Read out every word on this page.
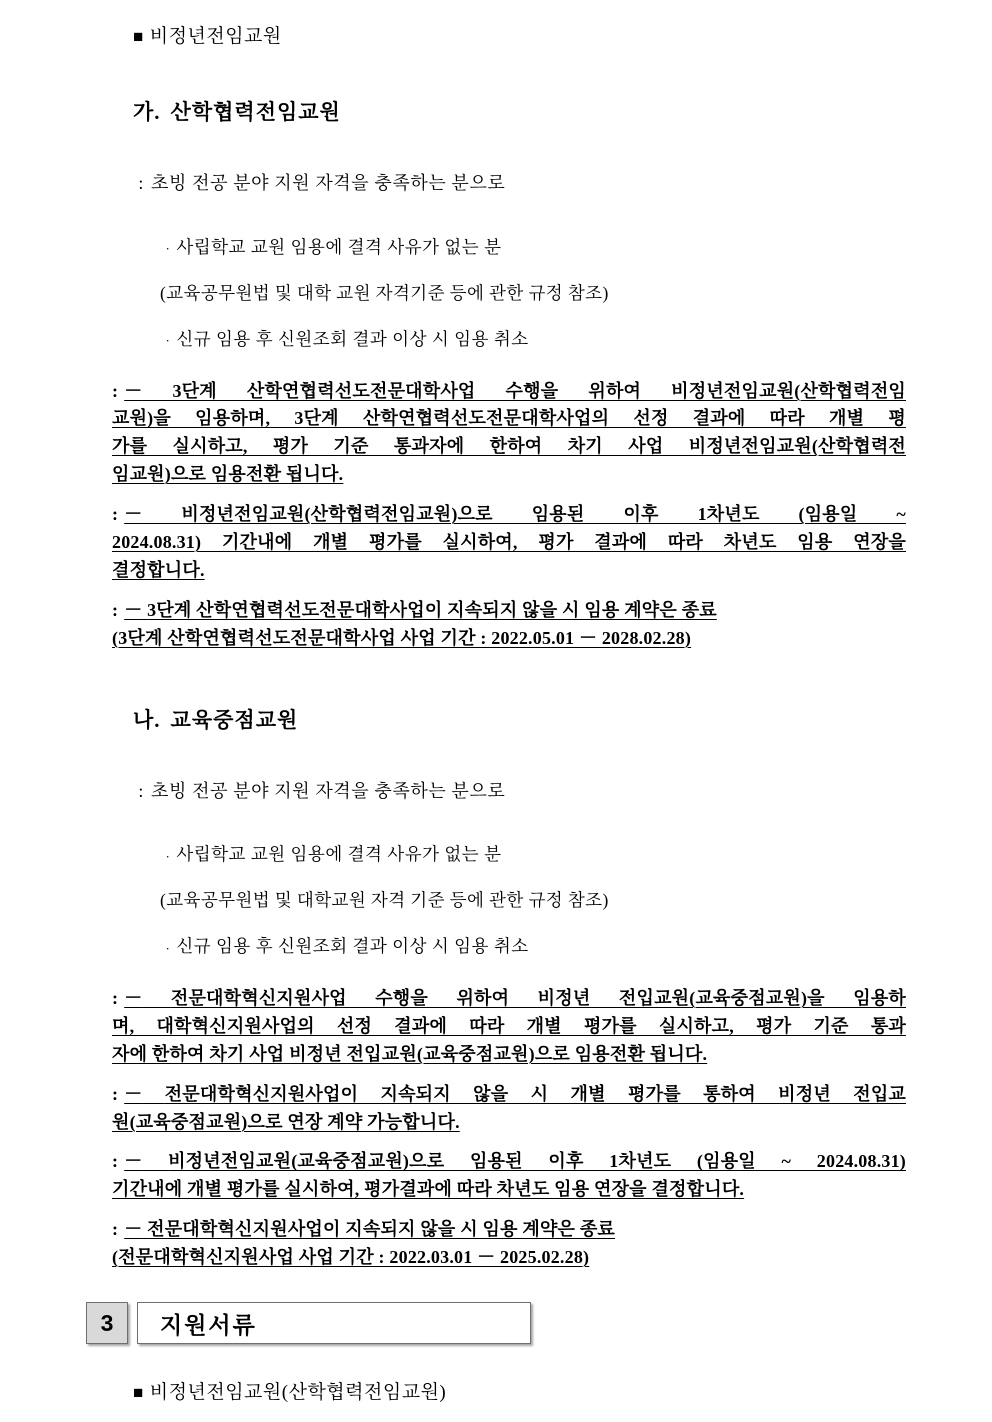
■ 비정년전임교원

가. 산학협력전임교원

: 초빙 전공 분야 지원 자격을 충족하는 분으로

· 사립학교 교원 임용에 결격 사유가 없는 분

(교육공무원법 및 대학 교원 자격기준 등에 관한 규정 참조)

· 신규 임용 후 신원조회 결과 이상 시 임용 취소

: － 3단계 산학연협력선도전문대학사업 수행을 위하여 비정년전임교원(산학협력전임
교원)을 임용하며, 3단계 산학연협력선도전문대학사업의 선정 결과에 따라 개별 평
가를 실시하고, 평가 기준 통과자에 한하여 차기 사업 비정년전임교원(산학협력전
임교원)으로 임용전환 됩니다.
: － 비정년전임교원(산학협력전임교원)으로 임용된 이후 1차년도 (임용일 ~
2024.08.31) 기간내에 개별 평가를 실시하여, 평가 결과에 따라 차년도 임용 연장을
결정합니다.
: － 3단계 산학연협력선도전문대학사업이 지속되지 않을 시 임용 계약은 종료
(3단계 산학연협력선도전문대학사업 사업 기간 : 2022.05.01 － 2028.02.28)

나. 교육중점교원

: 초빙 전공 분야 지원 자격을 충족하는 분으로

· 사립학교 교원 임용에 결격 사유가 없는 분

(교육공무원법 및 대학교원 자격 기준 등에 관한 규정 참조)

· 신규 임용 후 신원조회 결과 이상 시 임용 취소

: － 전문대학혁신지원사업 수행을 위하여 비정년 전입교원(교육중점교원)을 임용하
며, 대학혁신지원사업의 선정 결과에 따라 개별 평가를 실시하고, 평가 기준 통과
자에 한하여 차기 사업 비정년 전입교원(교육중점교원)으로 임용전환 됩니다.
: － 전문대학혁신지원사업이 지속되지 않을 시 개별 평가를 통하여 비정년 전입교
원(교육중점교원)으로 연장 계약 가능합니다.
: － 비정년전임교원(교육중점교원)으로 임용된 이후 1차년도 (임용일 ~ 2024.08.31)
기간내에 개별 평가를 실시하여, 평가결과에 따라 차년도 임용 연장을 결정합니다.
: － 전문대학혁신지원사업이 지속되지 않을 시 임용 계약은 종료
(전문대학혁신지원사업 사업 기간 : 2022.03.01 － 2025.02.28)
3	지원서류

■ 비정년전임교원(산학협력전임교원)
